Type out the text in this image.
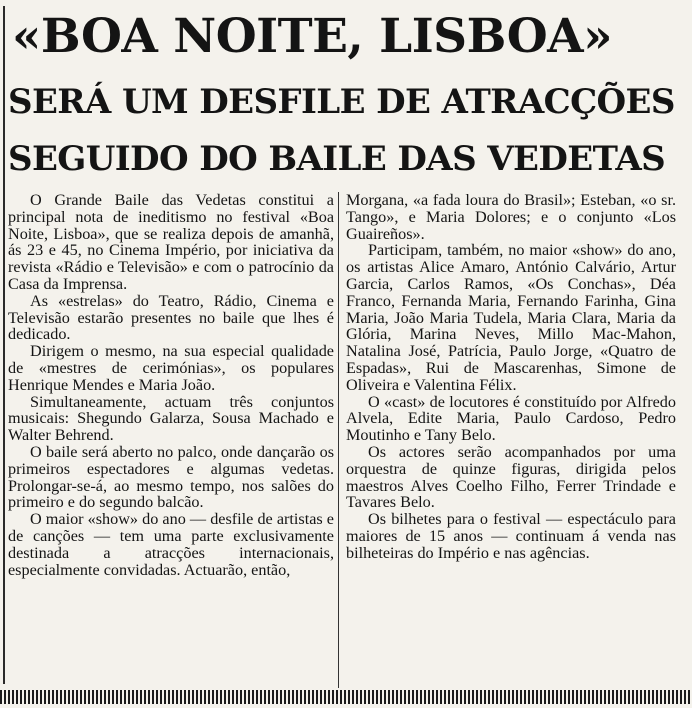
«BOA NOITE, LISBOA»
SERÁ UM DESFILE DE ATRACÇÕES
SEGUIDO DO BAILE DAS VEDETAS

O Grande Baile das Vedetas constitui a principal nota de ineditismo no festival «Boa Noite, Lisboa», que se realiza depois de amanhã, ás 23 e 45, no Cinema Império, por iniciativa da revista «Rádio e Televisão» e com o patrocínio da Casa da Imprensa.

As «estrelas» do Teatro, Rádio, Cinema e Televisão estarão presentes no baile que lhes é dedicado.

Dirigem o mesmo, na sua especial qualidade de «mestres de cerimónias», os populares Henrique Mendes e Maria João.

Simultaneamente, actuam três conjuntos musicais: Shegundo Galarza, Sousa Machado e Walter Behrend.

O baile será aberto no palco, onde dançarão os primeiros espectadores e algumas vedetas. Prolongar-se-á, ao mesmo tempo, nos salões do primeiro e do segundo balcão.

O maior «show» do ano — desfile de artistas e de canções — tem uma parte exclusivamente destinada a atracções internacionais, especialmente convidadas. Actuarão, então,

Morgana, «a fada loura do Brasil»; Esteban, «o sr. Tango», e Maria Dolores; e o conjunto «Los Guaireños».

Participam, também, no maior «show» do ano, os artistas Alice Amaro, António Calvário, Artur Garcia, Carlos Ramos, «Os Conchas», Déa Franco, Fernanda Maria, Fernando Farinha, Gina Maria, João Maria Tudela, Maria Clara, Maria da Glória, Marina Neves, Millo Mac-Mahon, Natalina José, Patrícia, Paulo Jorge, «Quatro de Espadas», Rui de Mascarenhas, Simone de Oliveira e Valentina Félix.

O «cast» de locutores é constituído por Alfredo Alvela, Edite Maria, Paulo Cardoso, Pedro Moutinho e Tany Belo.

Os actores serão acompanhados por uma orquestra de quinze figuras, dirigida pelos maestros Alves Coelho Filho, Ferrer Trindade e Tavares Belo.

Os bilhetes para o festival — espectáculo para maiores de 15 anos — continuam á venda nas bilheteiras do Império e nas agências.
